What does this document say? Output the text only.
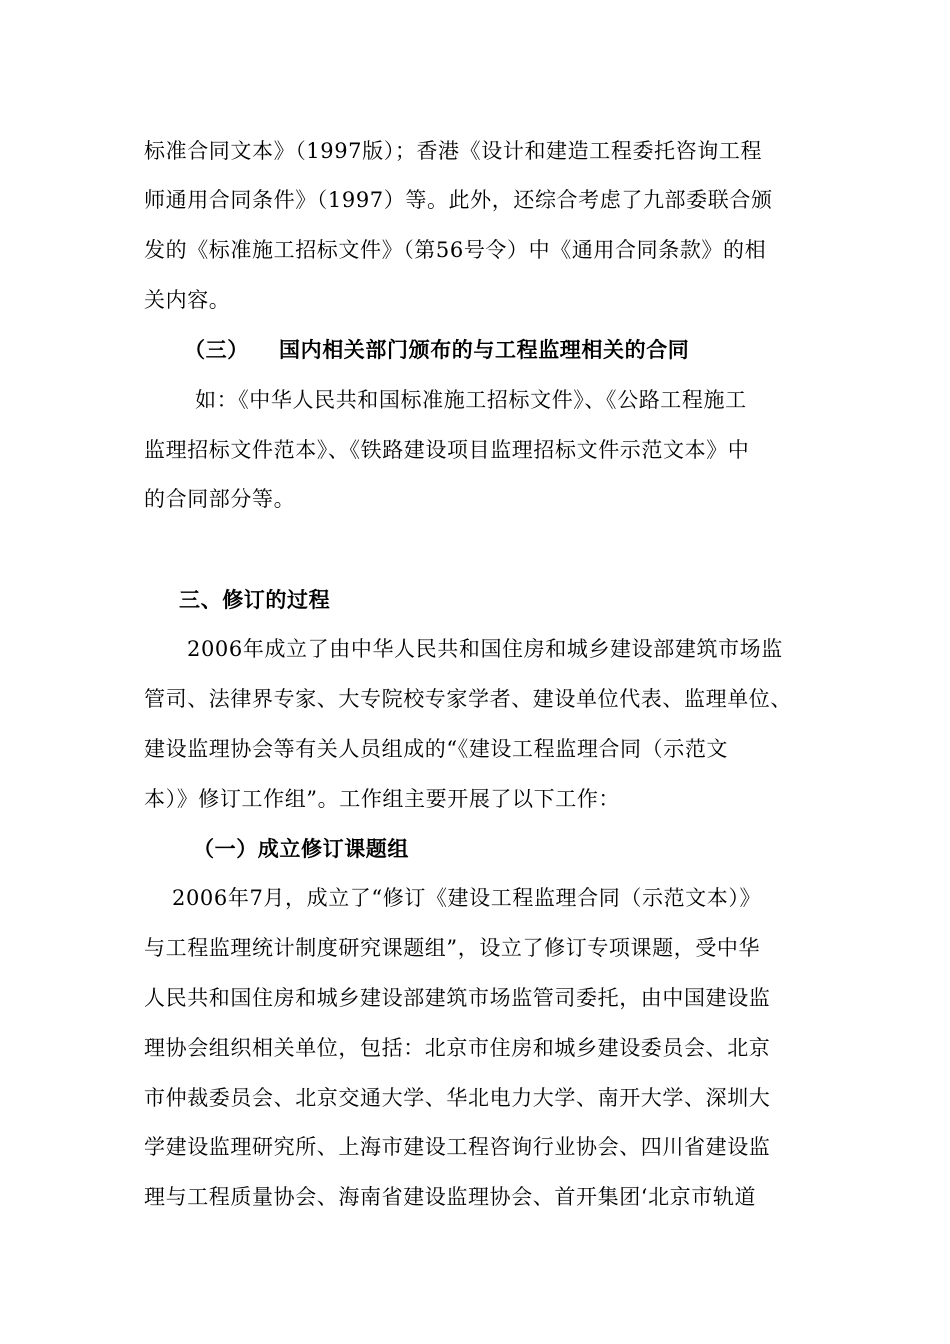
标准合同文本》（1997版）；香港《设计和建造工程委托咨询工程
师通用合同条件》（1997）等。此外，还综合考虑了九部委联合颁
发的《标准施工招标文件》（第56号令）中《通用合同条款》的相
关内容。
（三） 国内相关部门颁布的与工程监理相关的合同
如：《中华人民共和国标准施工招标文件》、《公路工程施工
监理招标文件范本》、《铁路建设项目监理招标文件示范文本》中
的合同部分等。
三、修订的过程
2006年成立了由中华人民共和国住房和城乡建设部建筑市场监
管司、法律界专家、大专院校专家学者、建设单位代表、监理单位、
建设监理协会等有关人员组成的“《建设工程监理合同（示范文
本）》修订工作组”。工作组主要开展了以下工作：
（一）成立修订课题组
2006年7月，成立了“修订《建设工程监理合同（示范文本）》
与工程监理统计制度研究课题组”，设立了修订专项课题，受中华
人民共和国住房和城乡建设部建筑市场监管司委托，由中国建设监
理协会组织相关单位，包括：北京市住房和城乡建设委员会、北京
市仲裁委员会、北京交通大学、华北电力大学、南开大学、深圳大
学建设监理研究所、上海市建设工程咨询行业协会、四川省建设监
理与工程质量协会、海南省建设监理协会、首开集团‘北京市轨道
